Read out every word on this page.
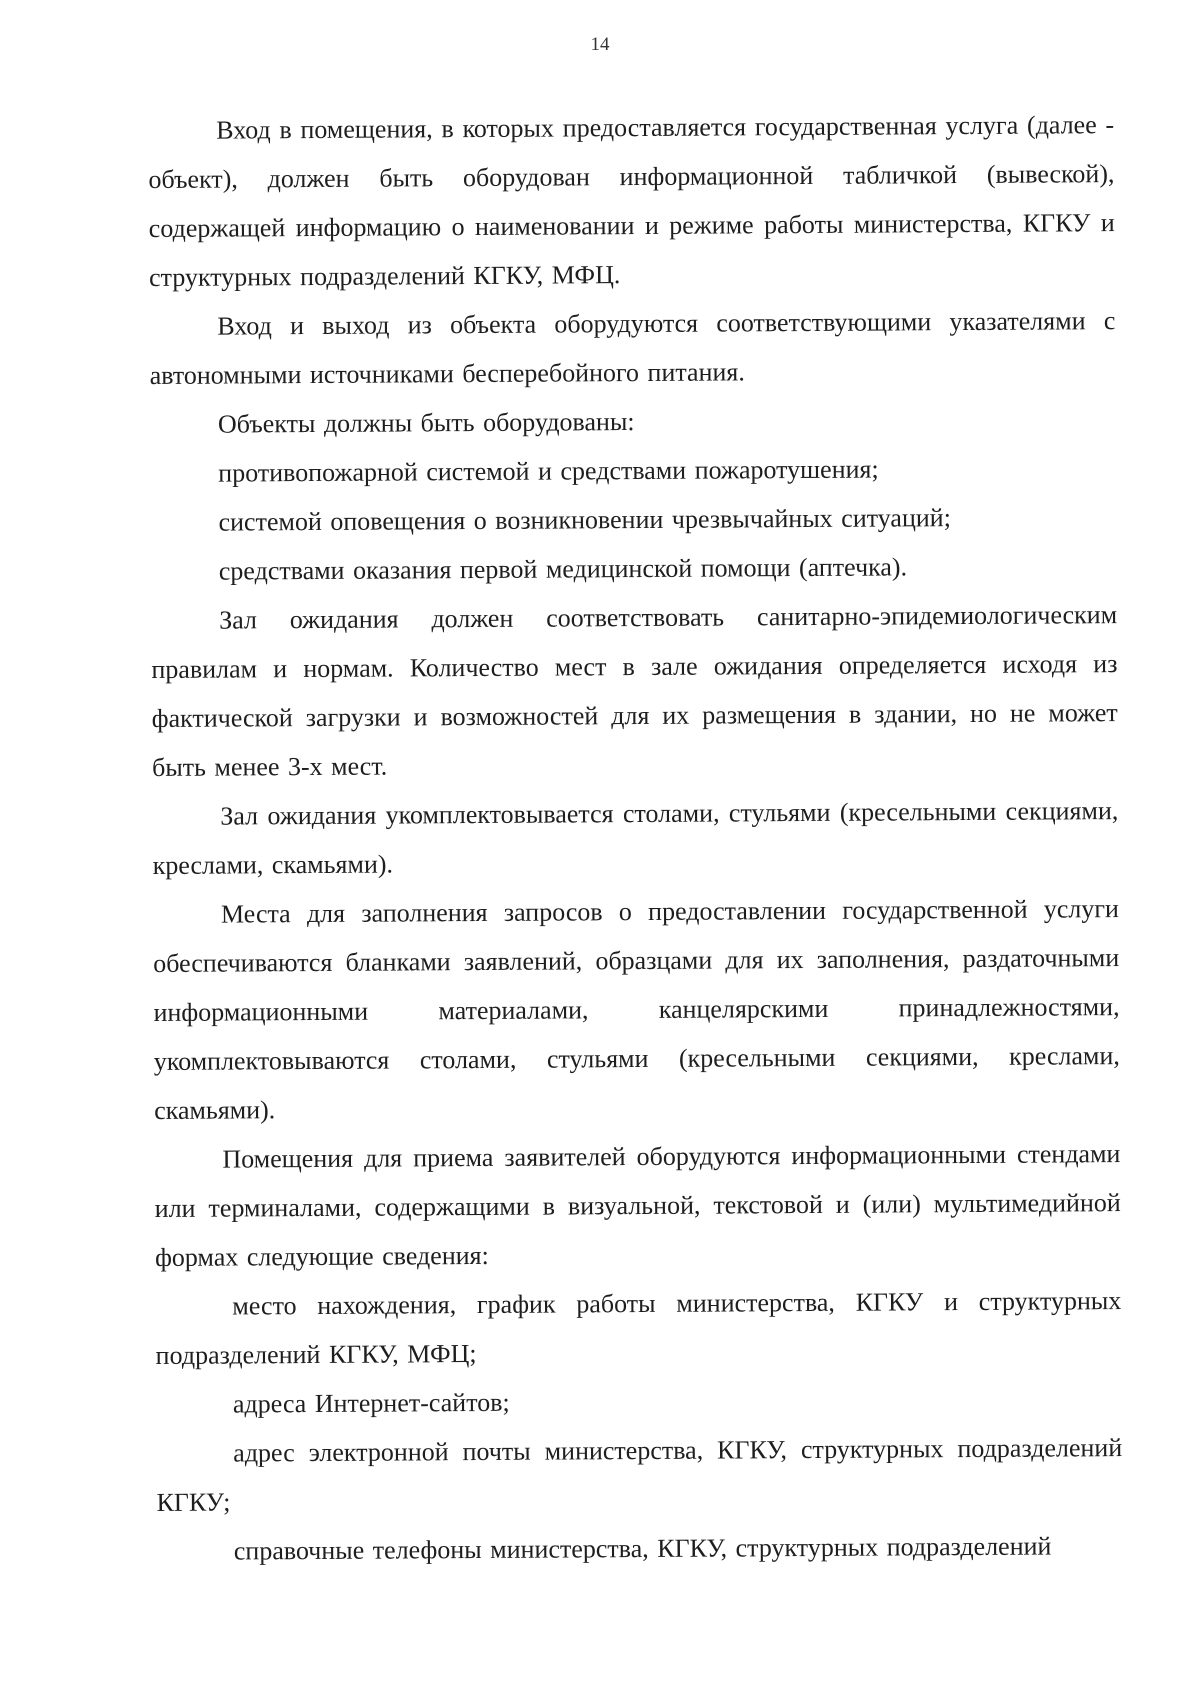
14

Вход в помещения, в которых предоставляется государственная услуга (далее - объект), должен быть оборудован информационной табличкой (вывеской), содержащей информацию о наименовании и режиме работы министерства, КГКУ и структурных подразделений КГКУ, МФЦ.

Вход и выход из объекта оборудуются соответствующими указателями с автономными источниками бесперебойного питания.

Объекты должны быть оборудованы:

противопожарной системой и средствами пожаротушения;

системой оповещения о возникновении чрезвычайных ситуаций;

средствами оказания первой медицинской помощи (аптечка).

Зал ожидания должен соответствовать санитарно-эпидемиологическим правилам и нормам. Количество мест в зале ожидания определяется исходя из фактической загрузки и возможностей для их размещения в здании, но не может быть менее 3-х мест.

Зал ожидания укомплектовывается столами, стульями (кресельными секциями, креслами, скамьями).

Места для заполнения запросов о предоставлении государственной услуги обеспечиваются бланками заявлений, образцами для их заполнения, раздаточными информационными материалами, канцелярскими принадлежностями, укомплектовываются столами, стульями (кресельными секциями, креслами, скамьями).

Помещения для приема заявителей оборудуются информационными стендами или терминалами, содержащими в визуальной, текстовой и (или) мультимедийной формах следующие сведения:

место нахождения, график работы министерства, КГКУ и структурных подразделений КГКУ, МФЦ;

адреса Интернет-сайтов;

адрес электронной почты министерства, КГКУ, структурных подразделений КГКУ;

справочные телефоны министерства, КГКУ, структурных подразделений
